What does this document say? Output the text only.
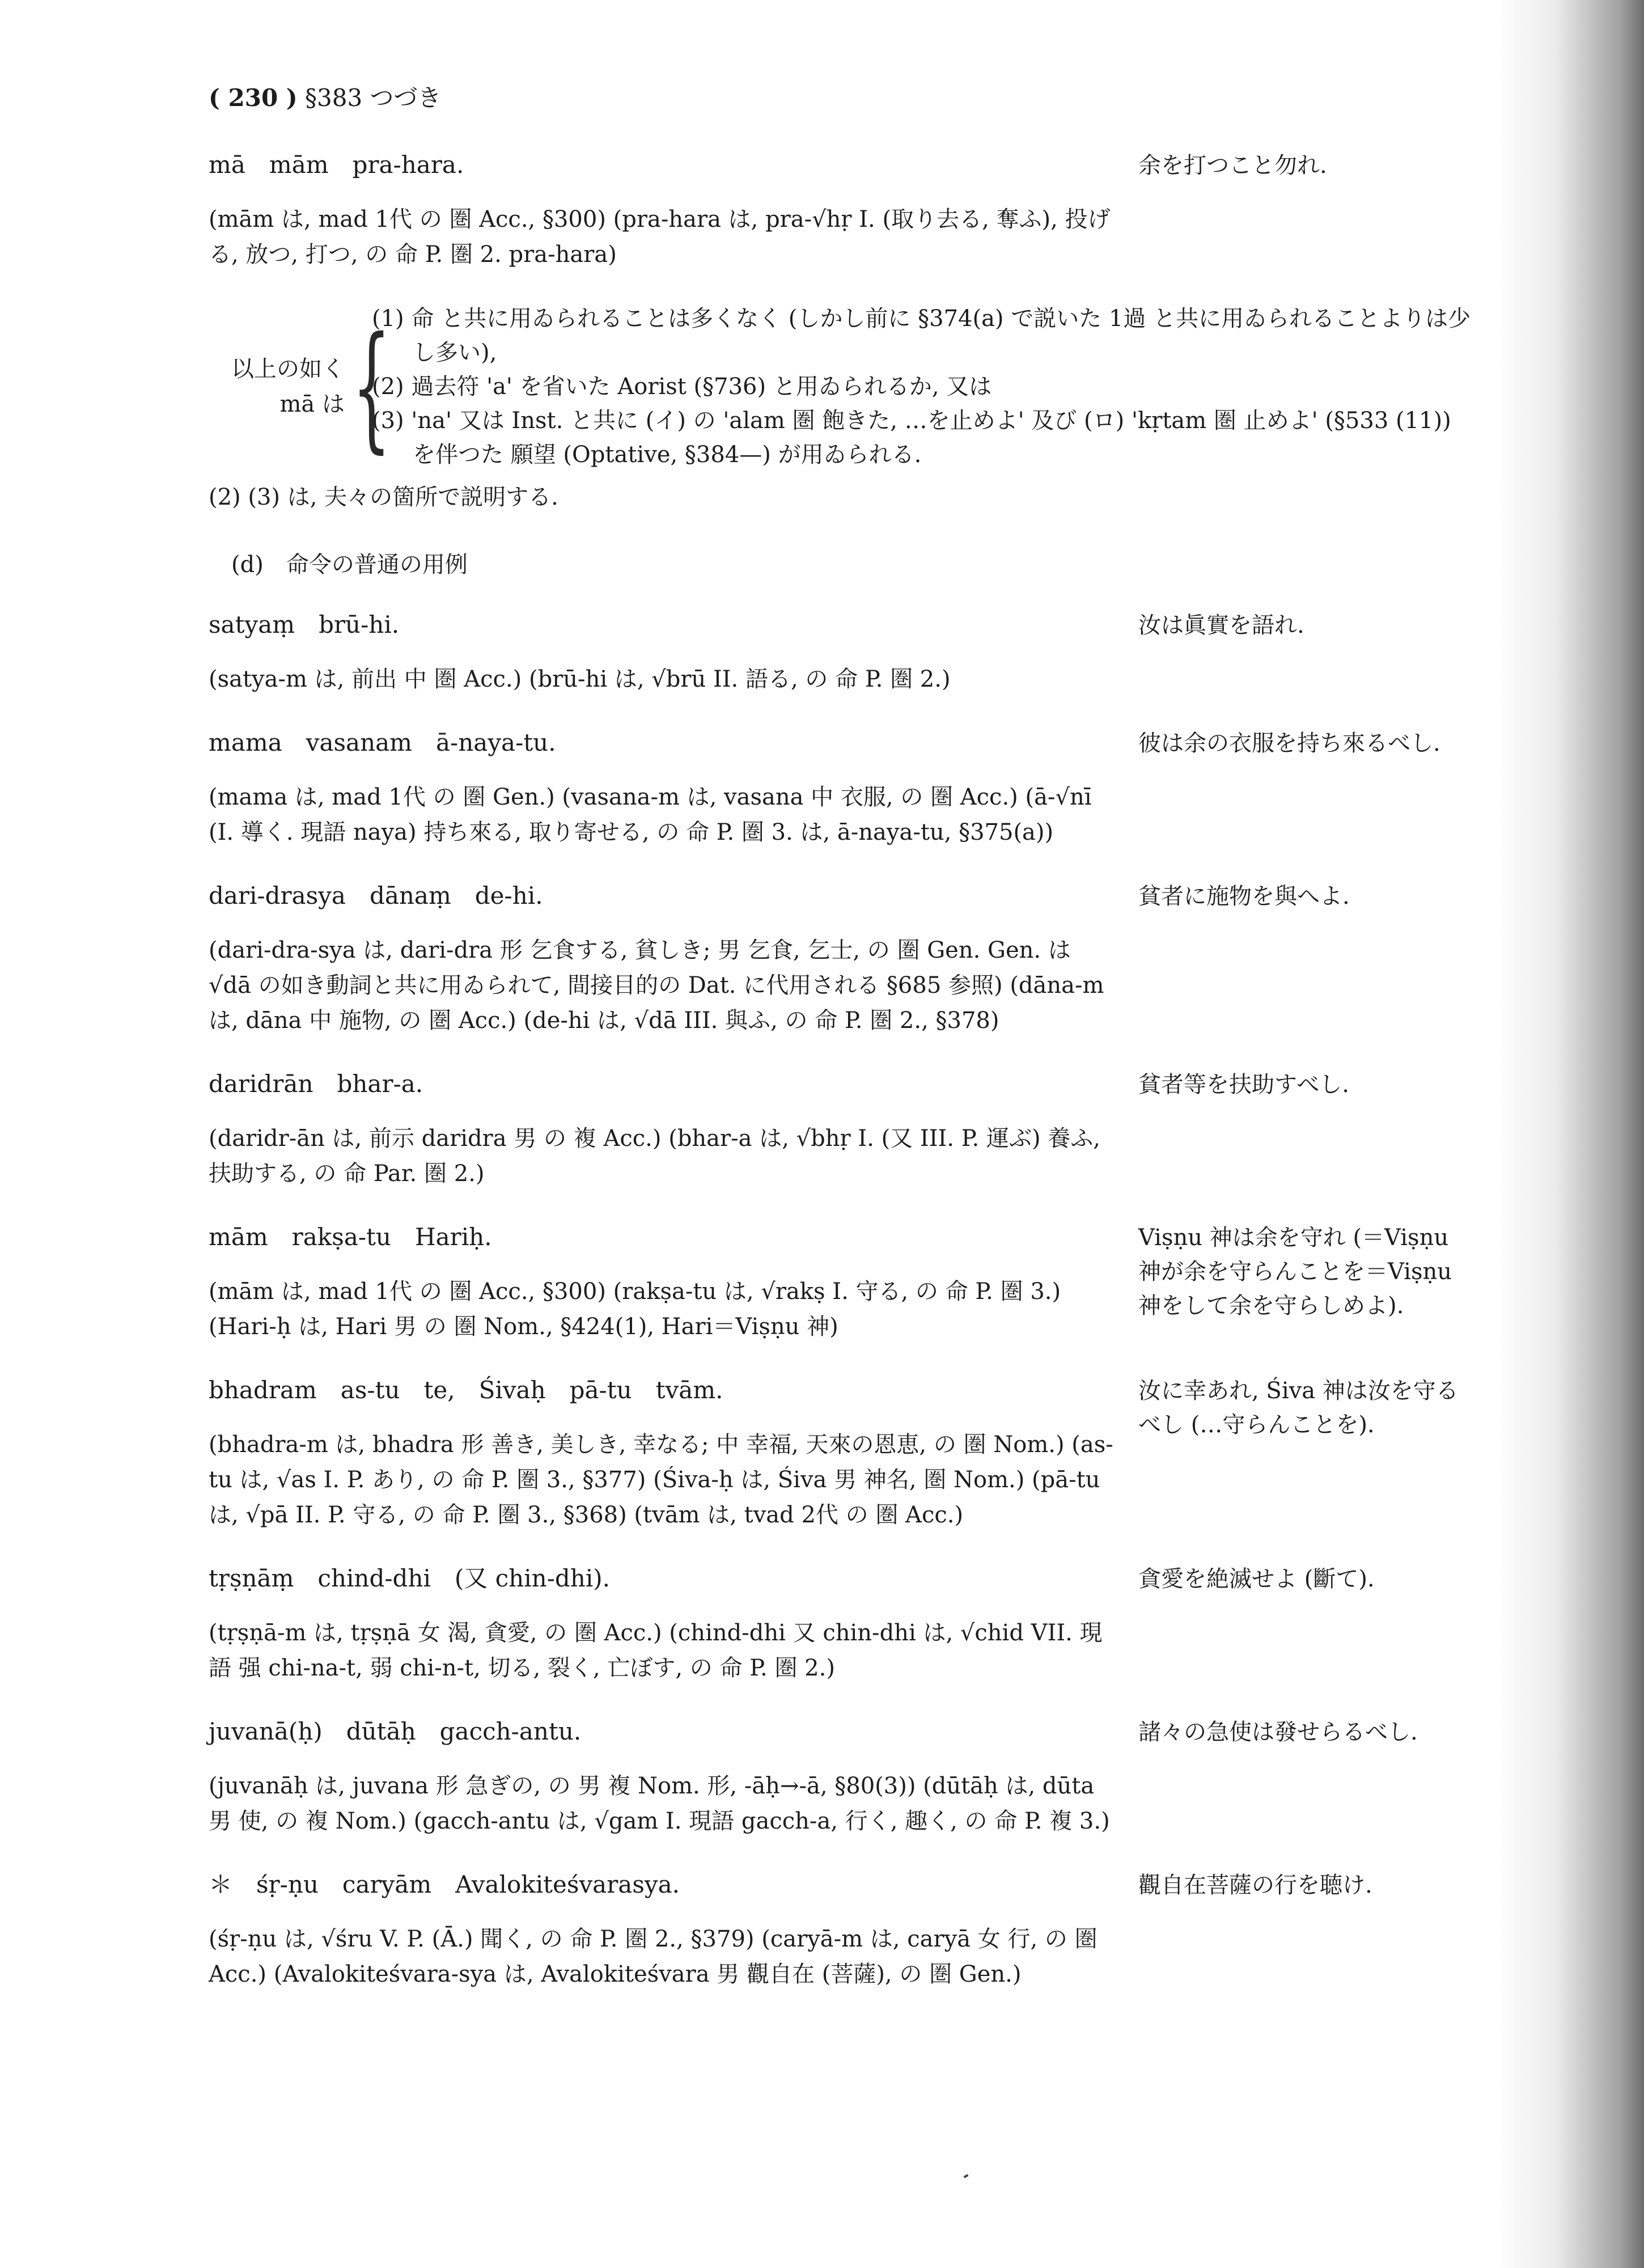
( 230 ) §383 つづき
mā　mām　pra-hara.	余を打つこと勿れ.
(mām は, mad 1代 の 圏 Acc., §300) (pra-hara は, pra-√hṛ I. (取り去る, 奪ふ), 投げる, 放つ, 打つ, の 命 P. 圏 2. pra-hara)
以上の如く
mā は {
(1) 命 と共に用ゐられることは多くなく (しかし前に §374(a) で説いた 1過 と共に用ゐられることよりは少し多い),
(2) 過去符 'a' を省いた Aorist (§736) と用ゐられるか, 又は
(3) 'na' 又は Inst. と共に (イ) の 'alam 圏 飽きた, …を止めよ' 及び (ロ) 'kṛtam 圏 止めよ' (§533 (11)) を伴つた 願望 (Optative, §384—) が用ゐられる.
(2) (3) は, 夫々の箇所で説明する.
(d)　命令の普通の用例
satyaṃ　brū-hi.	汝は眞實を語れ.
(satya-m は, 前出 中 圏 Acc.) (brū-hi は, √brū II. 語る, の 命 P. 圏 2.)
mama　vasanam　ā-naya-tu.	彼は余の衣服を持ち來るべし.
(mama は, mad 1代 の 圏 Gen.) (vasana-m は, vasana 中 衣服, の 圏 Acc.) (ā-√nī (I. 導く. 現語 naya) 持ち來る, 取り寄せる, の 命 P. 圏 3. は, ā-naya-tu, §375(a))
dari-drasya　dānaṃ　de-hi.	貧者に施物を與へよ.
(dari-dra-sya は, dari-dra 形 乞食する, 貧しき; 男 乞食, 乞士, の 圏 Gen. Gen. は √dā の如き動詞と共に用ゐられて, 間接目的の Dat. に代用される §685 参照) (dāna-m は, dāna 中 施物, の 圏 Acc.) (de-hi は, √dā III. 與ふ, の 命 P. 圏 2., §378)
daridrān　bhar-a.	貧者等を扶助すべし.
(daridr-ān は, 前示 daridra 男 の 複 Acc.) (bhar-a は, √bhṛ I. (又 III. P. 運ぶ) 養ふ, 扶助する, の 命 Par. 圏 2.)
mām　rakṣa-tu　Hariḥ.	Viṣṇu 神は余を守れ (＝Viṣṇu 神が余を守らんことを＝Viṣṇu 神をして余を守らしめよ).
(mām は, mad 1代 の 圏 Acc., §300) (rakṣa-tu は, √rakṣ I. 守る, の 命 P. 圏 3.) (Hari-ḥ は, Hari 男 の 圏 Nom., §424(1), Hari＝Viṣṇu 神)
bhadram　as-tu　te,　Śivaḥ　pā-tu　tvām.	汝に幸あれ, Śiva 神は汝を守るべし (…守らんことを).
(bhadra-m は, bhadra 形 善き, 美しき, 幸なる; 中 幸福, 天來の恩恵, の 圏 Nom.) (as-tu は, √as I. P. あり, の 命 P. 圏 3., §377) (Śiva-ḥ は, Śiva 男 神名, 圏 Nom.) (pā-tu は, √pā II. P. 守る, の 命 P. 圏 3., §368) (tvām は, tvad 2代 の 圏 Acc.)
tṛṣṇāṃ　chind-dhi　(又 chin-dhi).	貪愛を絶滅せよ (斷て).
(tṛṣṇā-m は, tṛṣṇā 女 渴, 貪愛, の 圏 Acc.) (chind-dhi 又 chin-dhi は, √chid VII. 現語 强 chi-na-t, 弱 chi-n-t, 切る, 裂く, 亡ぼす, の 命 P. 圏 2.)
juvanā(ḥ)　dūtāḥ　gacch-antu.	諸々の急使は發せらるべし.
(juvanāḥ は, juvana 形 急ぎの, の 男 複 Nom. 形, -āḥ→-ā, §80(3)) (dūtāḥ は, dūta 男 使, の 複 Nom.) (gacch-antu は, √gam I. 現語 gacch-a, 行く, 趣く, の 命 P. 複 3.)
＊　śṛ-ṇu　caryām　Avalokiteśvarasya.	觀自在菩薩の行を聴け.
(śṛ-ṇu は, √śru V. P. (Ā.) 聞く, の 命 P. 圏 2., §379) (caryā-m は, caryā 女 行, の 圏 Acc.) (Avalokiteśvara-sya は, Avalokiteśvara 男 觀自在 (菩薩), の 圏 Gen.)
